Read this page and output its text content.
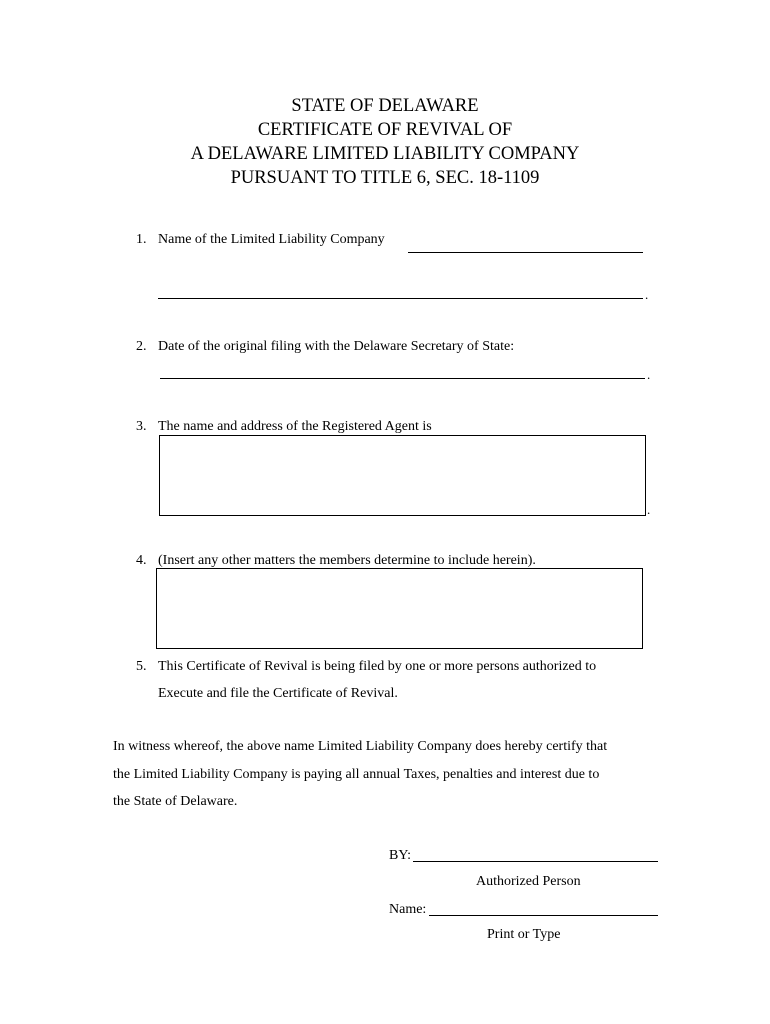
STATE OF DELAWARE
CERTIFICATE OF REVIVAL OF
A DELAWARE LIMITED LIABILITY COMPANY
PURSUANT TO TITLE 6, SEC. 18-1109
1. Name of the Limited Liability Company
.
2. Date of the original filing with the Delaware Secretary of State:
.
3. The name and address of the Registered Agent is
.
4. (Insert any other matters the members determine to include herein).
5. This Certificate of Revival is being filed by one or more persons authorized to
Execute and file the Certificate of Revival.
In witness whereof, the above name Limited Liability Company does hereby certify that
the Limited Liability Company is paying all annual Taxes, penalties and interest due to
the State of Delaware.
BY:
Authorized Person
Name:
Print or Type
